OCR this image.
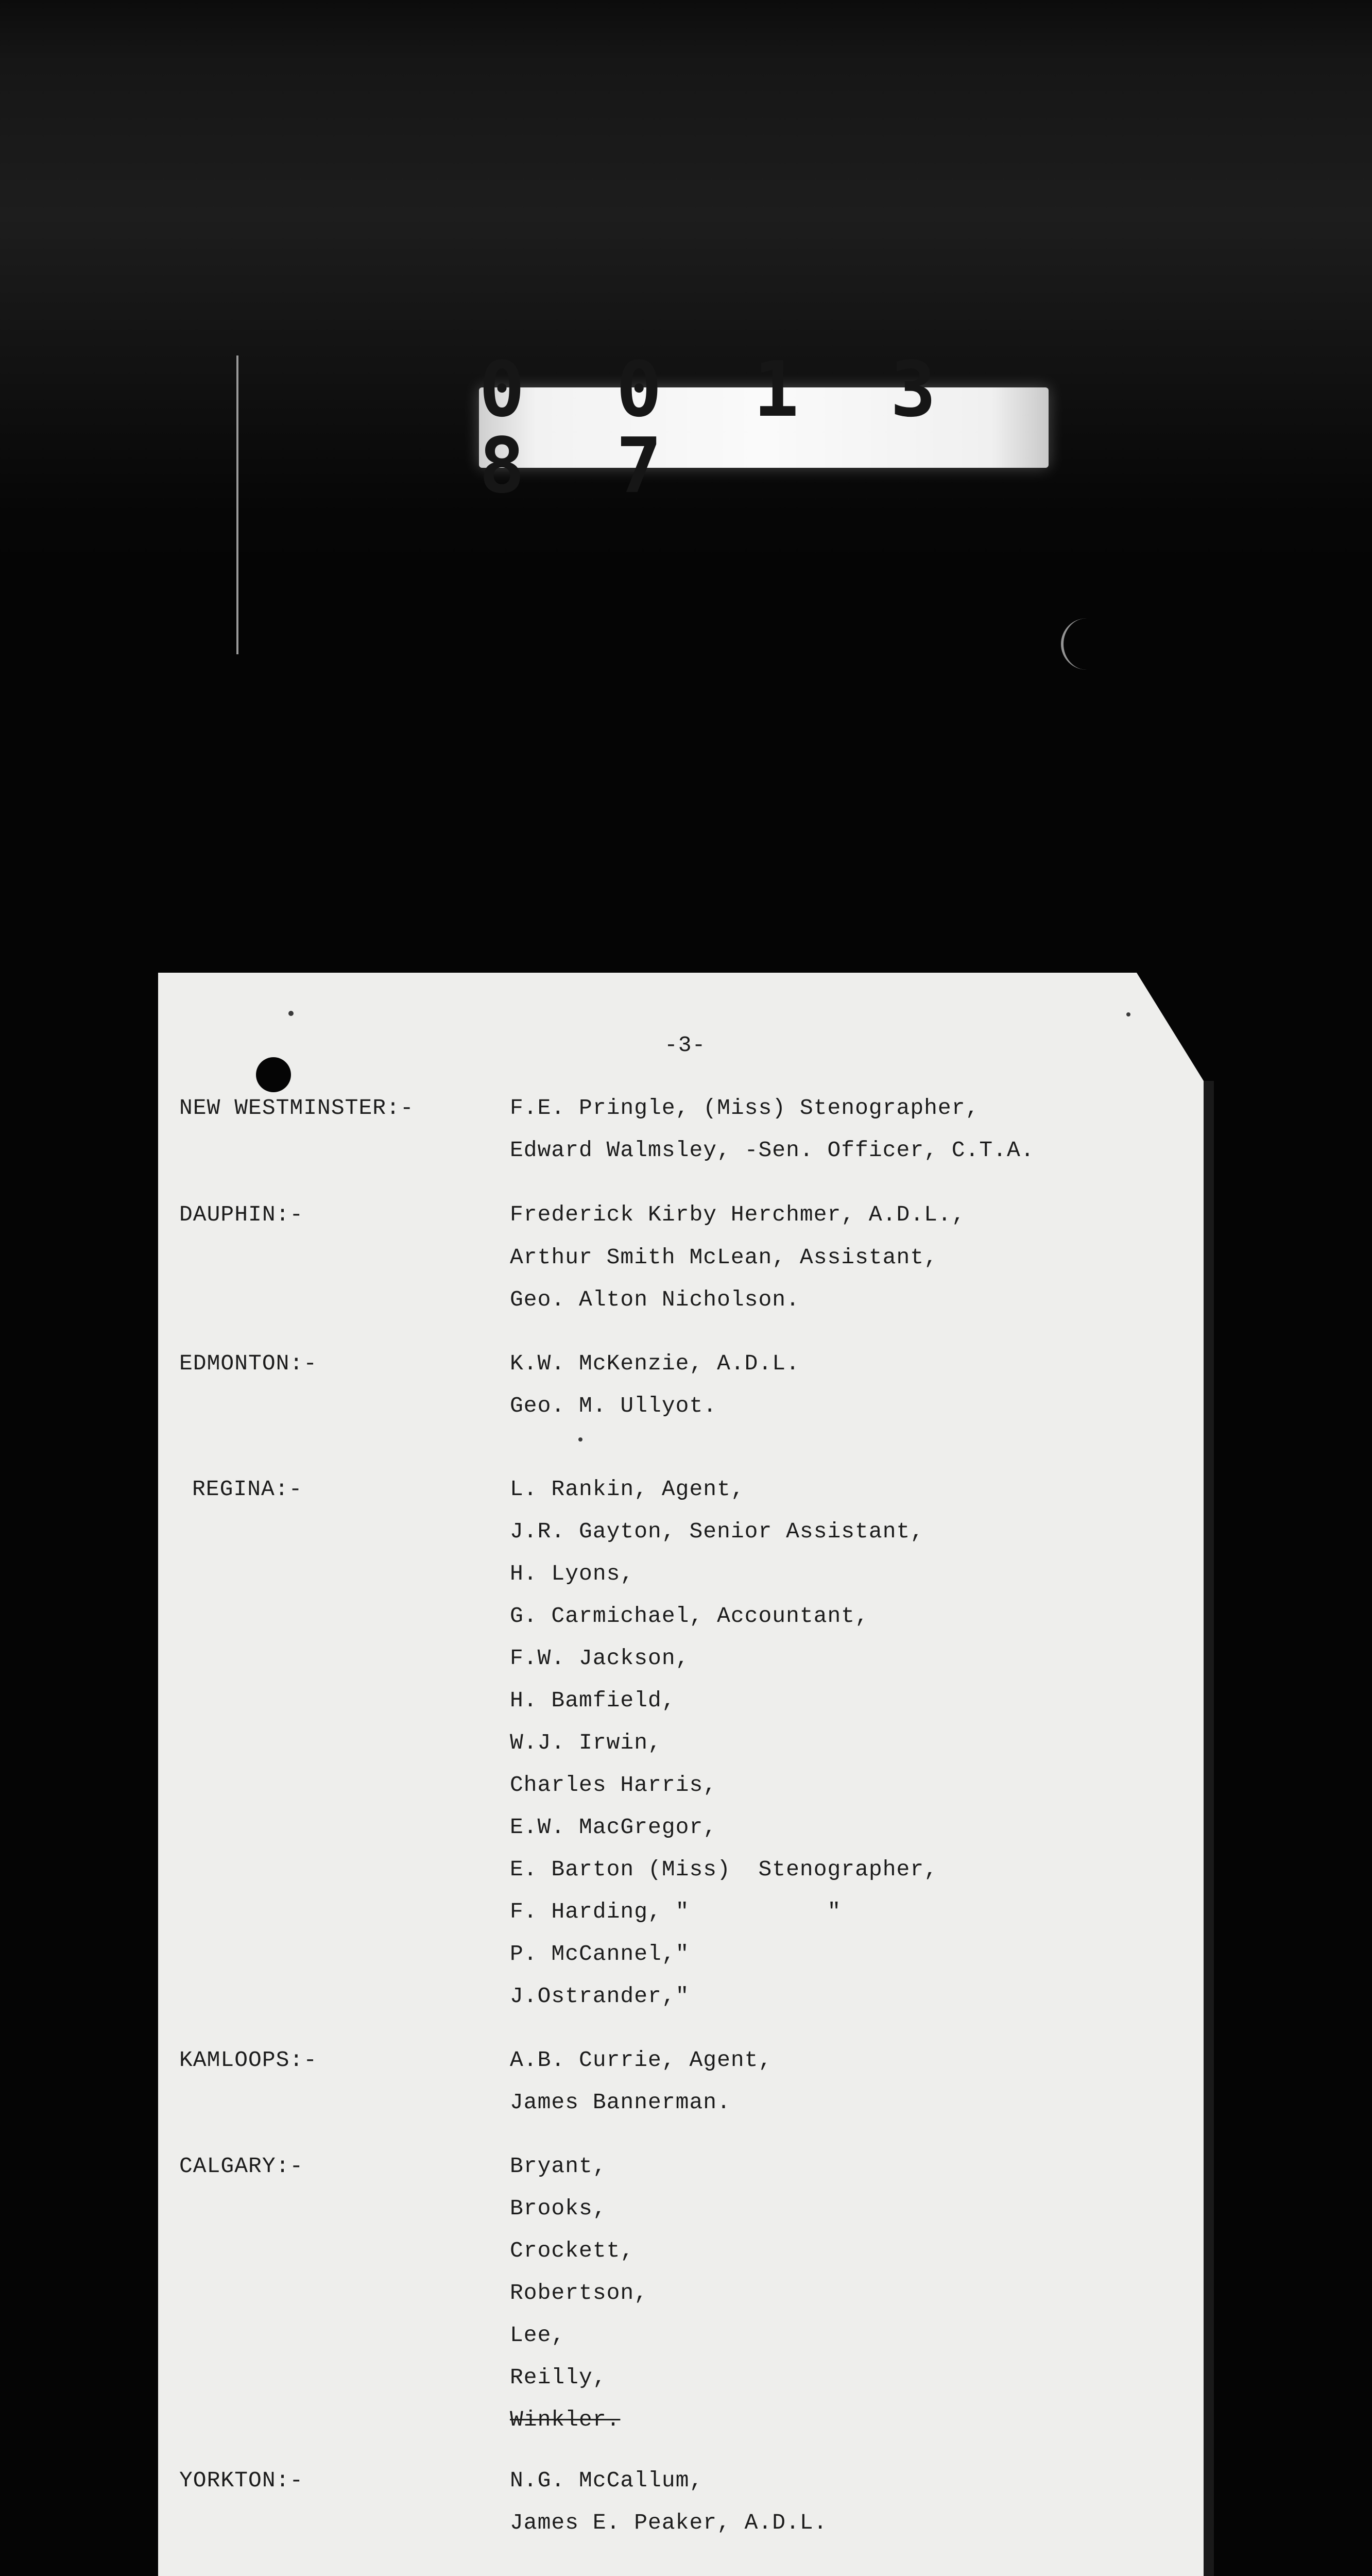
0 0 1 3 8 7
-3-
NEW WESTMINSTER:-	F.E. Pringle, (Miss) Stenographer,
Edward Walmsley, -Sen. Officer, C.T.A.
DAUPHIN:-	Frederick Kirby Herchmer, A.D.L.,
Arthur Smith McLean, Assistant,
Geo. Alton Nicholson.
EDMONTON:-	K.W. McKenzie, A.D.L.
Geo. M. Ullyot.
REGINA:-	L. Rankin, Agent,
J.R. Gayton, Senior Assistant,
H. Lyons,
G. Carmichael, Accountant,
F.W. Jackson,
H. Bamfield,
W.J. Irwin,
Charles Harris,
E.W. MacGregor,
E. Barton (Miss)  Stenographer,
F. Harding, "          "
P. McCannel,"
J.Ostrander,"
KAMLOOPS:-	A.B. Currie, Agent,
James Bannerman.
CALGARY:-	Bryant,
Brooks,
Crockett,
Robertson,
Lee,
Reilly,
Winkler.
YORKTON:-	N.G. McCallum,
James E. Peaker, A.D.L.
